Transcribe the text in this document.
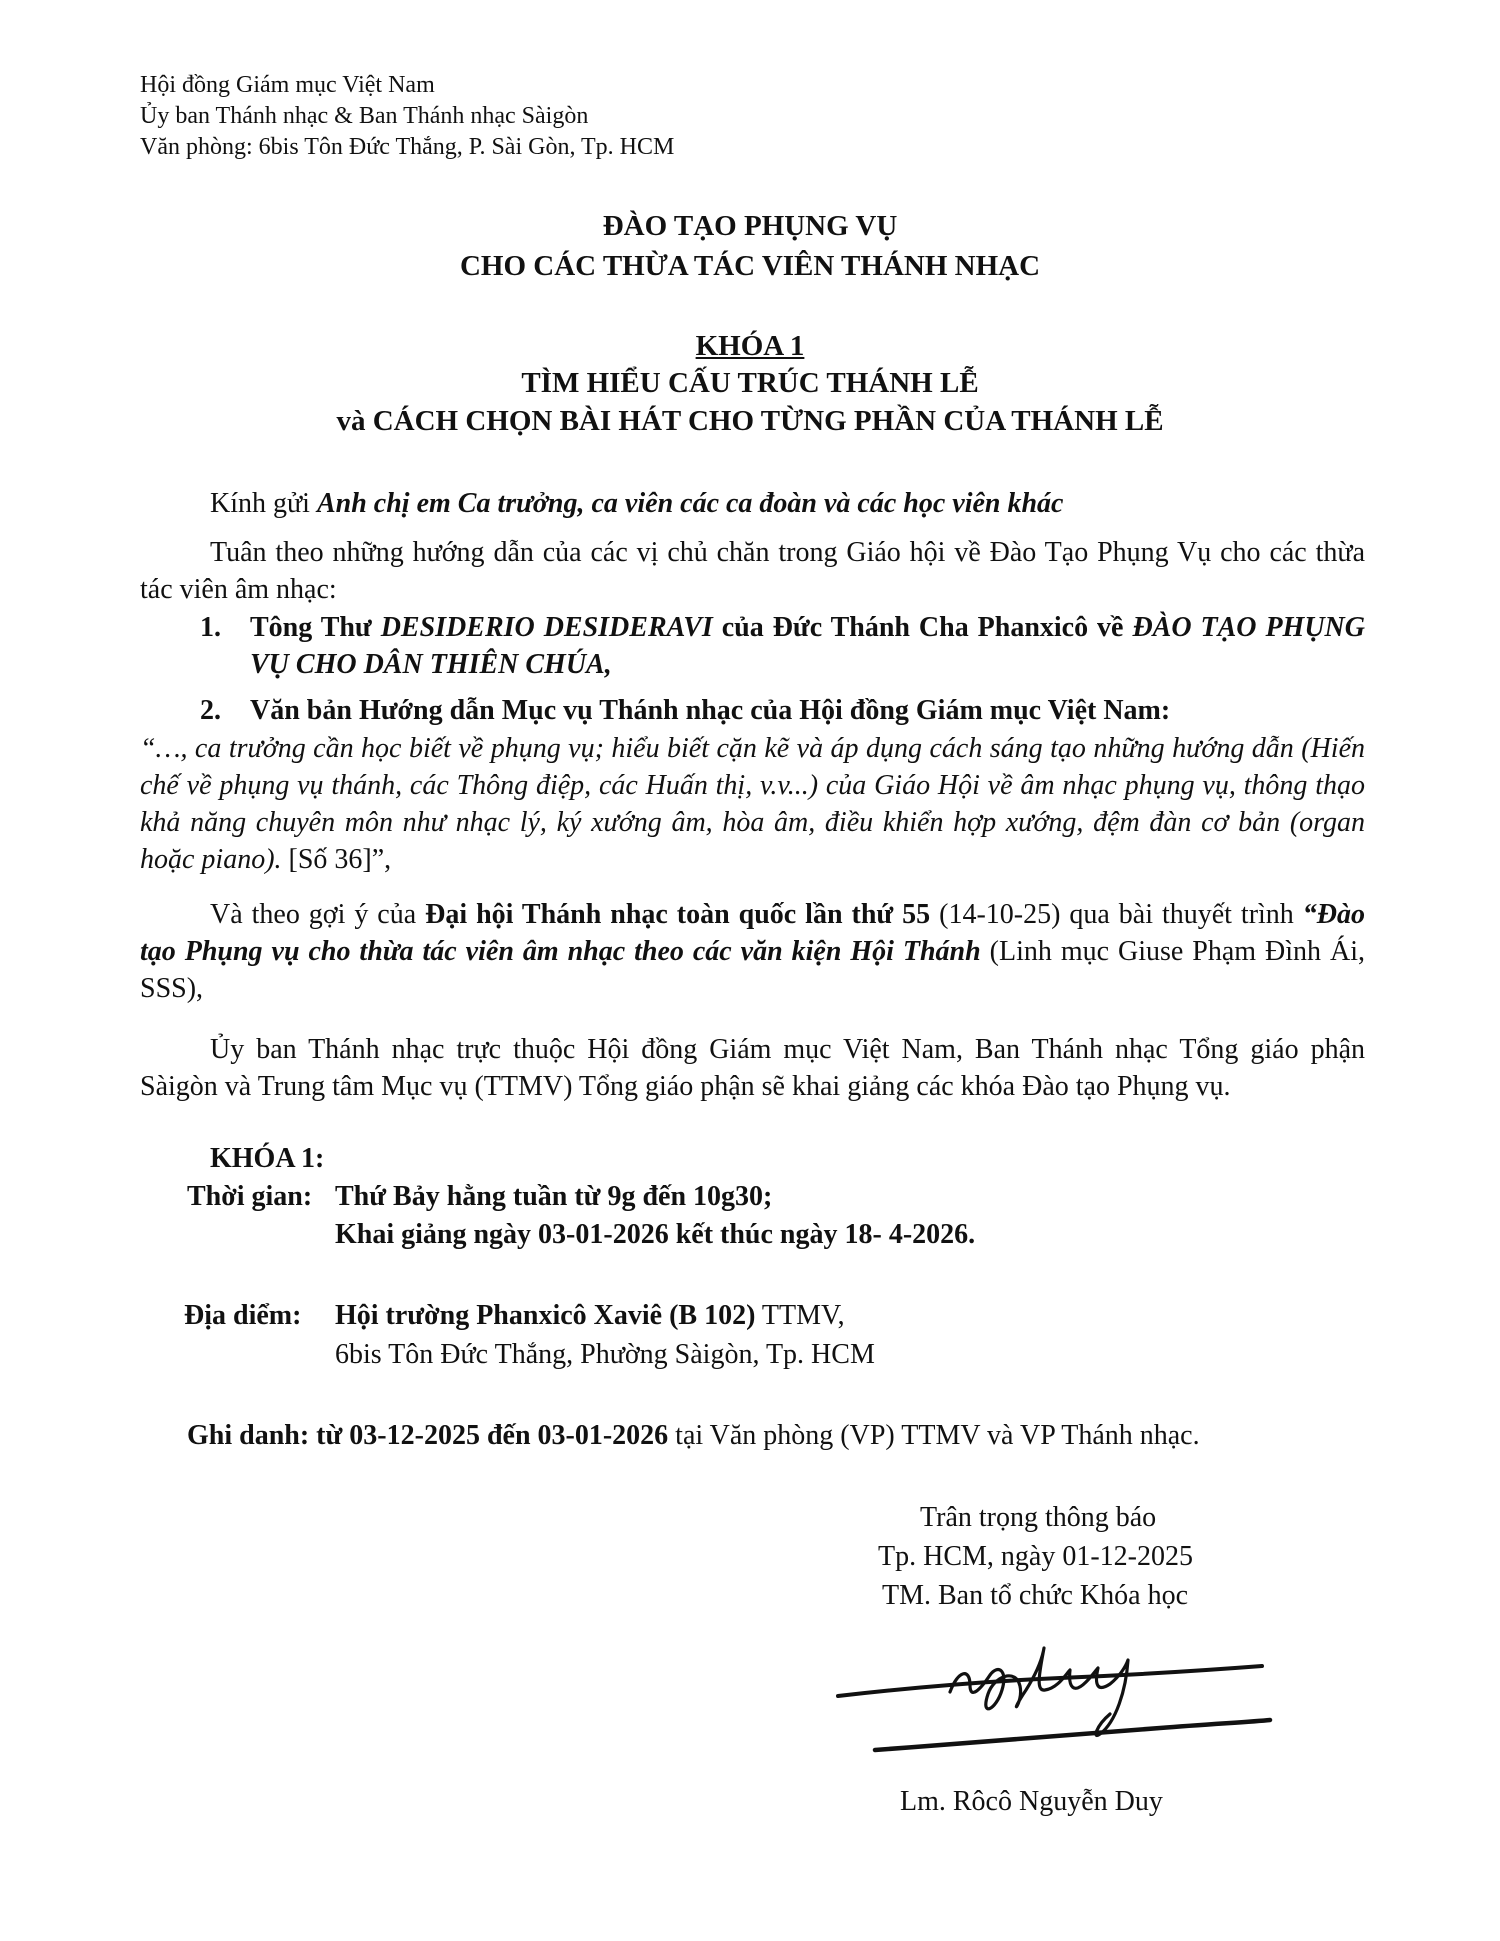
Hội đồng Giám mục Việt Nam
Ủy ban Thánh nhạc & Ban Thánh nhạc Sàigòn
Văn phòng: 6bis Tôn Đức Thắng, P. Sài Gòn, Tp. HCM
ĐÀO TẠO PHỤNG VỤ
CHO CÁC THỪA TÁC VIÊN THÁNH NHẠC
KHÓA 1
TÌM HIỂU CẤU TRÚC THÁNH LỄ
và CÁCH CHỌN BÀI HÁT CHO TỪNG PHẦN CỦA THÁNH LỄ
Kính gửi Anh chị em Ca trưởng, ca viên các ca đoàn và các học viên khác
Tuân theo những hướng dẫn của các vị chủ chăn trong Giáo hội về Đào Tạo Phụng Vụ cho các thừa tác viên âm nhạc:
1. Tông Thư DESIDERIO DESIDERAVI của Đức Thánh Cha Phanxicô về ĐÀO TẠO PHỤNG VỤ CHO DÂN THIÊN CHÚA,
2. Văn bản Hướng dẫn Mục vụ Thánh nhạc của Hội đồng Giám mục Việt Nam:
“…, ca trưởng cần học biết về phụng vụ; hiểu biết cặn kẽ và áp dụng cách sáng tạo những hướng dẫn (Hiến chế về phụng vụ thánh, các Thông điệp, các Huấn thị, v.v...) của Giáo Hội về âm nhạc phụng vụ, thông thạo khả năng chuyên môn như nhạc lý, ký xướng âm, hòa âm, điều khiển hợp xướng, đệm đàn cơ bản (organ hoặc piano). [Số 36]”,
Và theo gợi ý của Đại hội Thánh nhạc toàn quốc lần thứ 55 (14-10-25) qua bài thuyết trình “Đào tạo Phụng vụ cho thừa tác viên âm nhạc theo các văn kiện Hội Thánh (Linh mục Giuse Phạm Đình Ái, SSS),
Ủy ban Thánh nhạc trực thuộc Hội đồng Giám mục Việt Nam, Ban Thánh nhạc Tổng giáo phận Sàigòn và Trung tâm Mục vụ (TTMV) Tổng giáo phận sẽ khai giảng các khóa Đào tạo Phụng vụ.
KHÓA 1:
Thời gian: Thứ Bảy hằng tuần từ 9g đến 10g30;
Khai giảng ngày 03-01-2026 kết thúc ngày 18- 4-2026.
Địa diểm: Hội trường Phanxicô Xaviê (B 102) TTMV,
6bis Tôn Đức Thắng, Phường Sàigòn, Tp. HCM
Ghi danh: từ 03-12-2025 đến 03-01-2026 tại Văn phòng (VP) TTMV và VP Thánh nhạc.
Trân trọng thông báo
Tp. HCM, ngày 01-12-2025
TM. Ban tổ chức Khóa học
Lm. Rôcô Nguyễn Duy
